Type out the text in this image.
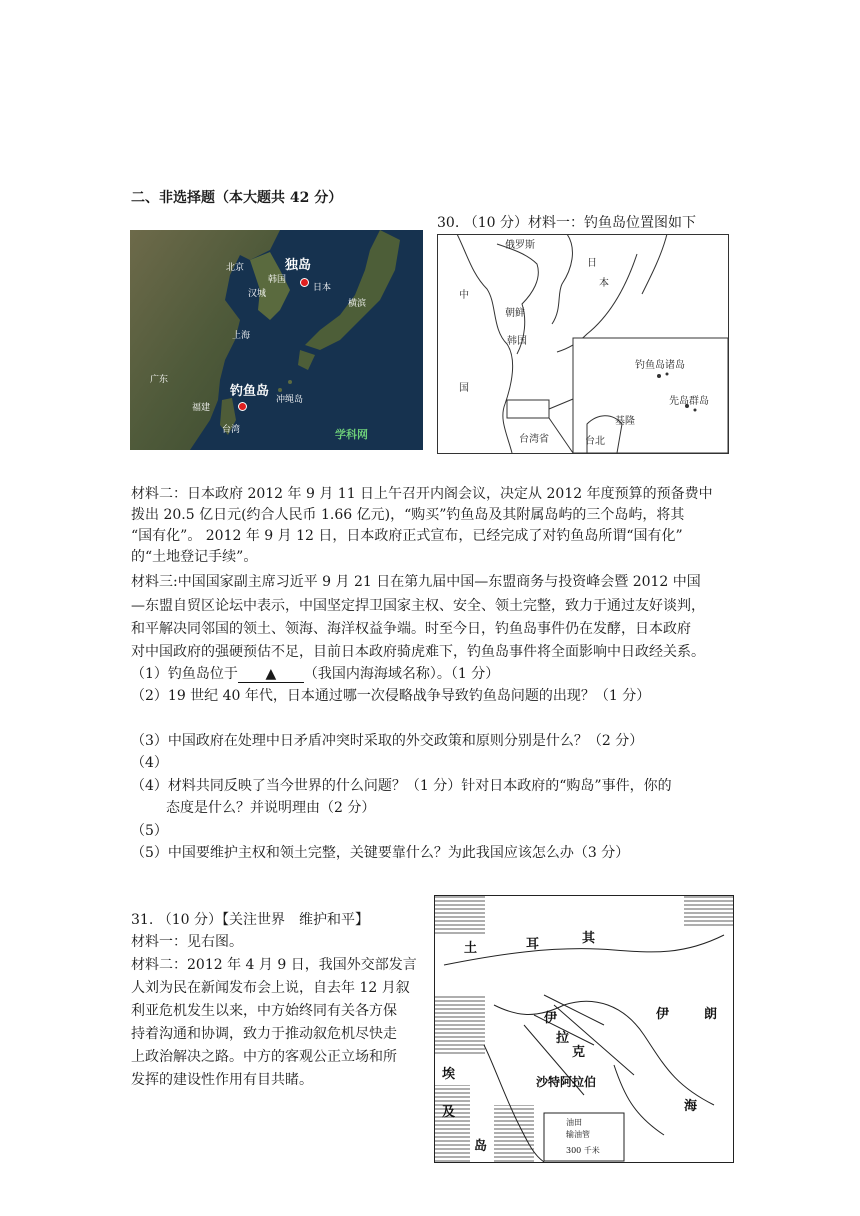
二、非选择题（本大题共 42 分）
30. （10 分）材料一：钓鱼岛位置图如下
独岛
日本
韩国
汉城
北京
横滨
上海
钓鱼岛
冲绳岛
福建
广东
台湾	学科网
俄罗斯
日
本
中
国
朝鲜
韩国
钓鱼岛诸岛
先岛群岛
台湾省
基隆
台北
材料二：日本政府 2012 年 9 月 11 日上午召开内阁会议，决定从 2012 年度预算的预备费中
拨出 20.5 亿日元(约合人民币 1.66 亿元)，“购买”钓鱼岛及其附属岛屿的三个岛屿，将其
“国有化”。 2012 年 9 月 12 日，日本政府正式宣布，已经完成了对钓鱼岛所谓“国有化”
的“土地登记手续”。
材料三:中国国家副主席习近平 9 月 21 日在第九届中国—东盟商务与投资峰会暨 2012 中国
—东盟自贸区论坛中表示，中国坚定捍卫国家主权、安全、领土完整，致力于通过友好谈判，
和平解决同邻国的领土、领海、海洋权益争端。时至今日，钓鱼岛事件仍在发酵，日本政府
对中国政府的强硬预估不足，目前日本政府骑虎难下，钓鱼岛事件将全面影响中日政经关系。
（1）钓鱼岛位于 ▲ （我国内海海域名称）。（1 分）
（2）19 世纪 40 年代，日本通过哪一次侵略战争导致钓鱼岛问题的出现？（1 分）
（3）中国政府在处理中日矛盾冲突时采取的外交政策和原则分别是什么？（2 分）
（4）
（4）材料共同反映了当今世界的什么问题？（1 分）针对日本政府的“购岛”事件，你的
态度是什么？并说明理由（2 分）
（5）
（5）中国要维护主权和领土完整，关键要靠什么？为此我国应该怎么办（3 分）
31. （10 分）【关注世界　维护和平】
材料一：见右图。
材料二：2012 年 4 月 9 日，我国外交部发言
人刘为民在新闻发布会上说，自去年 12 月叙
利亚危机发生以来，中方始终同有关各方保
持着沟通和协调，致力于推动叙危机尽快走
上政治解决之路。中方的客观公正立场和所
发挥的建设性作用有目共睹。
土	耳	其
伊	朗
伊
拉
克
沙特阿拉伯
埃
及
岛
海
油田
输油管
300 千米
